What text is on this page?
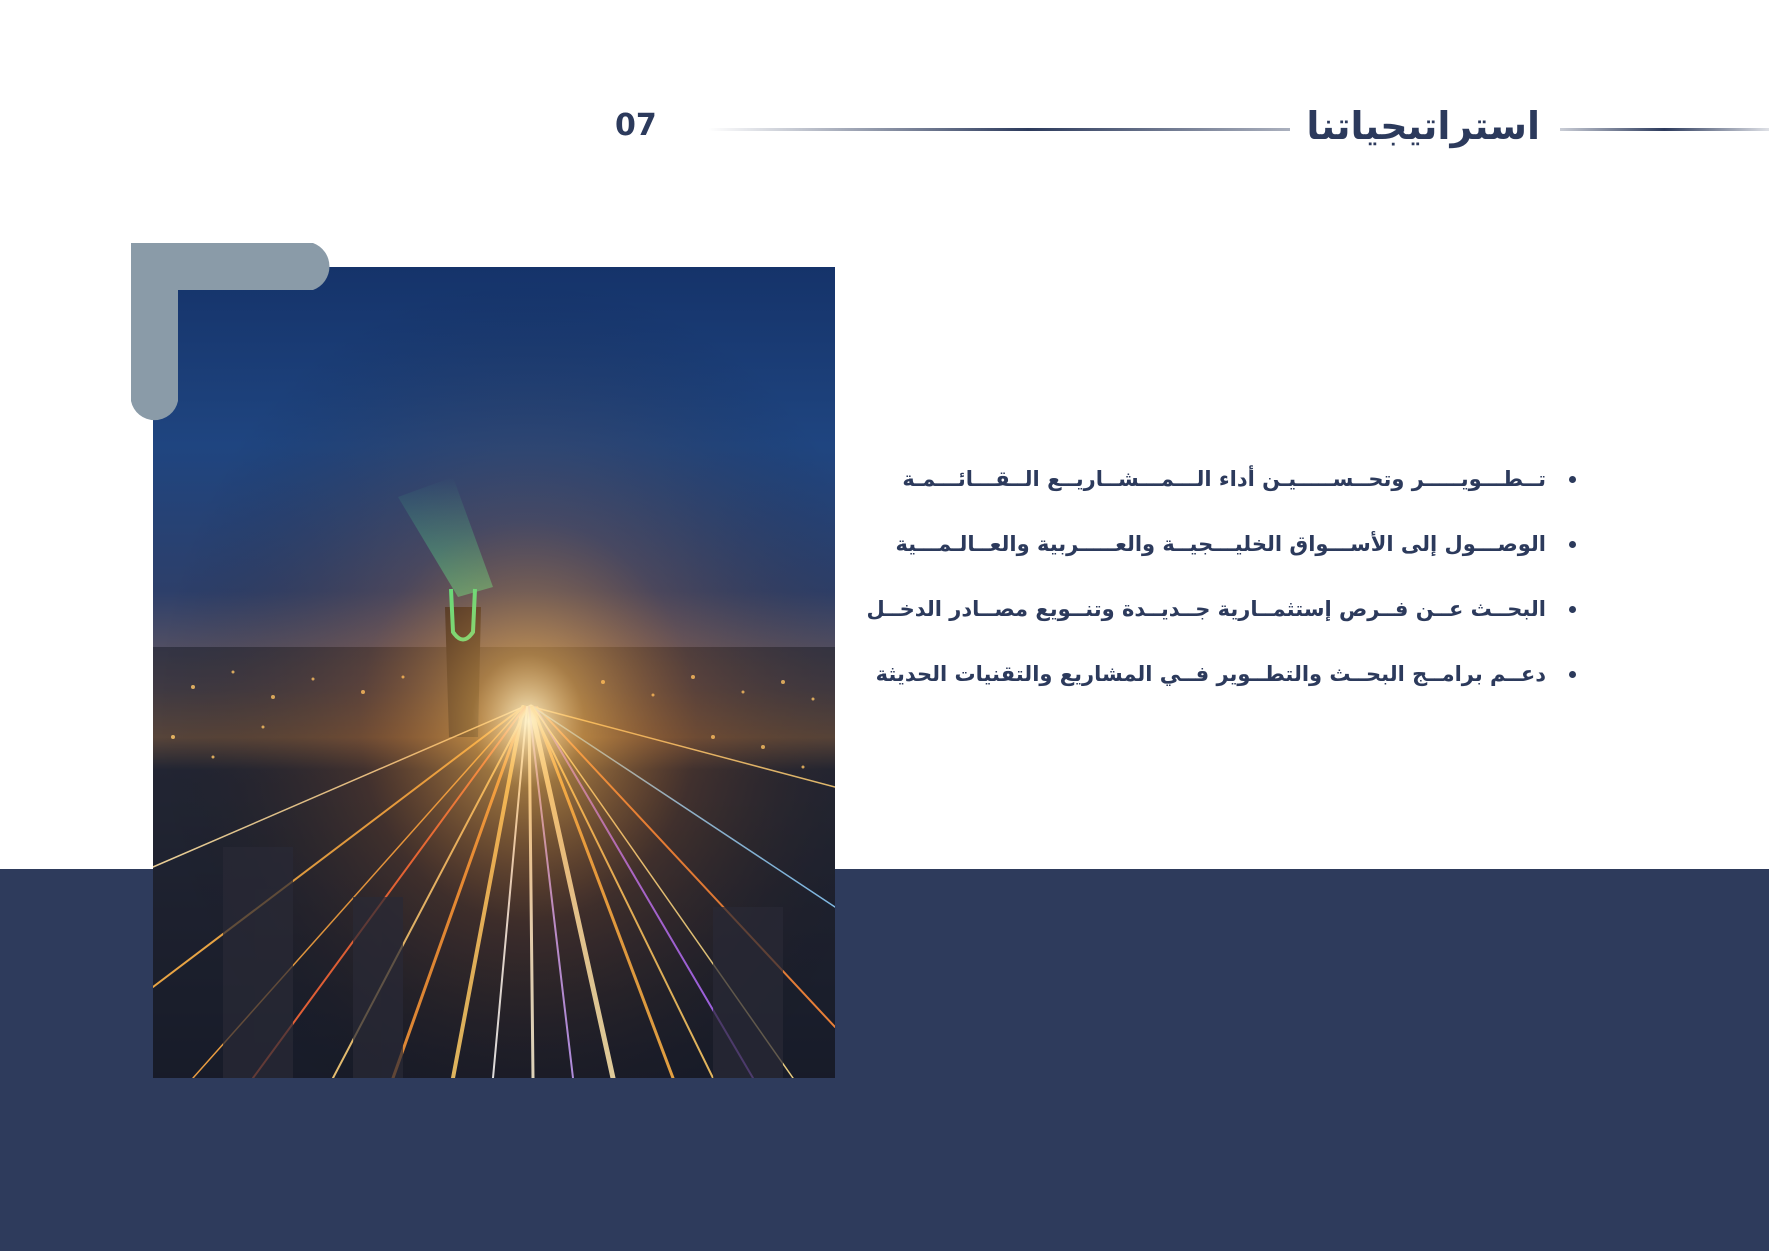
استراتيجياتنا
07
تــطـــويـــــر وتحــســـــيـن أداء الـــمـــشــاريــع الــقـــائـــمـة
الوصـــول إلى الأســـواق الخليـــجيــة والعـــــربية والعــالـمـــية
البحــث عــن فــرص إستثمــارية جــديــدة وتنــويع مصــادر الدخــل
دعــم برامــج البحــث والتطــوير فــي المشاريع والتقنيات الحديثة
